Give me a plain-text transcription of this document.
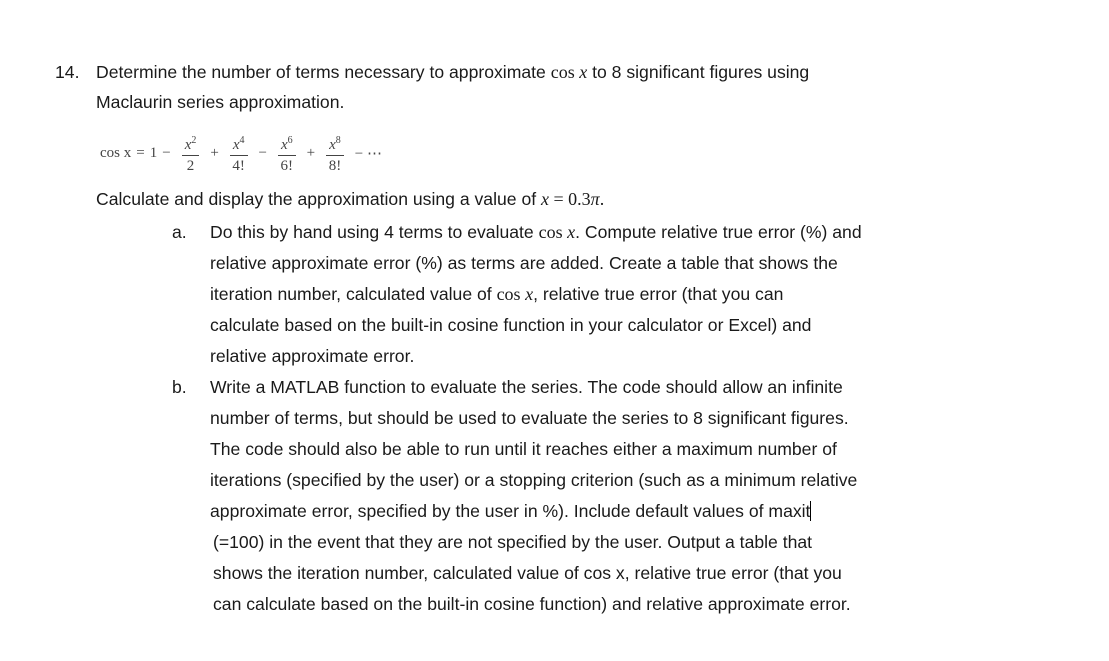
14. Determine the number of terms necessary to approximate cos x to 8 significant figures using
Maclaurin series approximation.
$\cos x = 1 - \frac{x^2}{2} + \frac{x^4}{4!} - \frac{x^6}{6!} + \frac{x^8}{8!}$ − ⋯
Calculate and display the approximation using a value of x = 0.3π.
a. Do this by hand using 4 terms to evaluate cos x. Compute relative true error (%) and
relative approximate error (%) as terms are added. Create a table that shows the
iteration number, calculated value of cos x, relative true error (that you can
calculate based on the built-in cosine function in your calculator or Excel) and
relative approximate error.
b. Write a MATLAB function to evaluate the series. The code should allow an infinite
number of terms, but should be used to evaluate the series to 8 significant figures.
The code should also be able to run until it reaches either a maximum number of
iterations (specified by the user) or a stopping criterion (such as a minimum relative
approximate error, specified by the user in %). Include default values of maxit
(=100) in the event that they are not specified by the user. Output a table that
shows the iteration number, calculated value of cos x, relative true error (that you
can calculate based on the built-in cosine function) and relative approximate error.
